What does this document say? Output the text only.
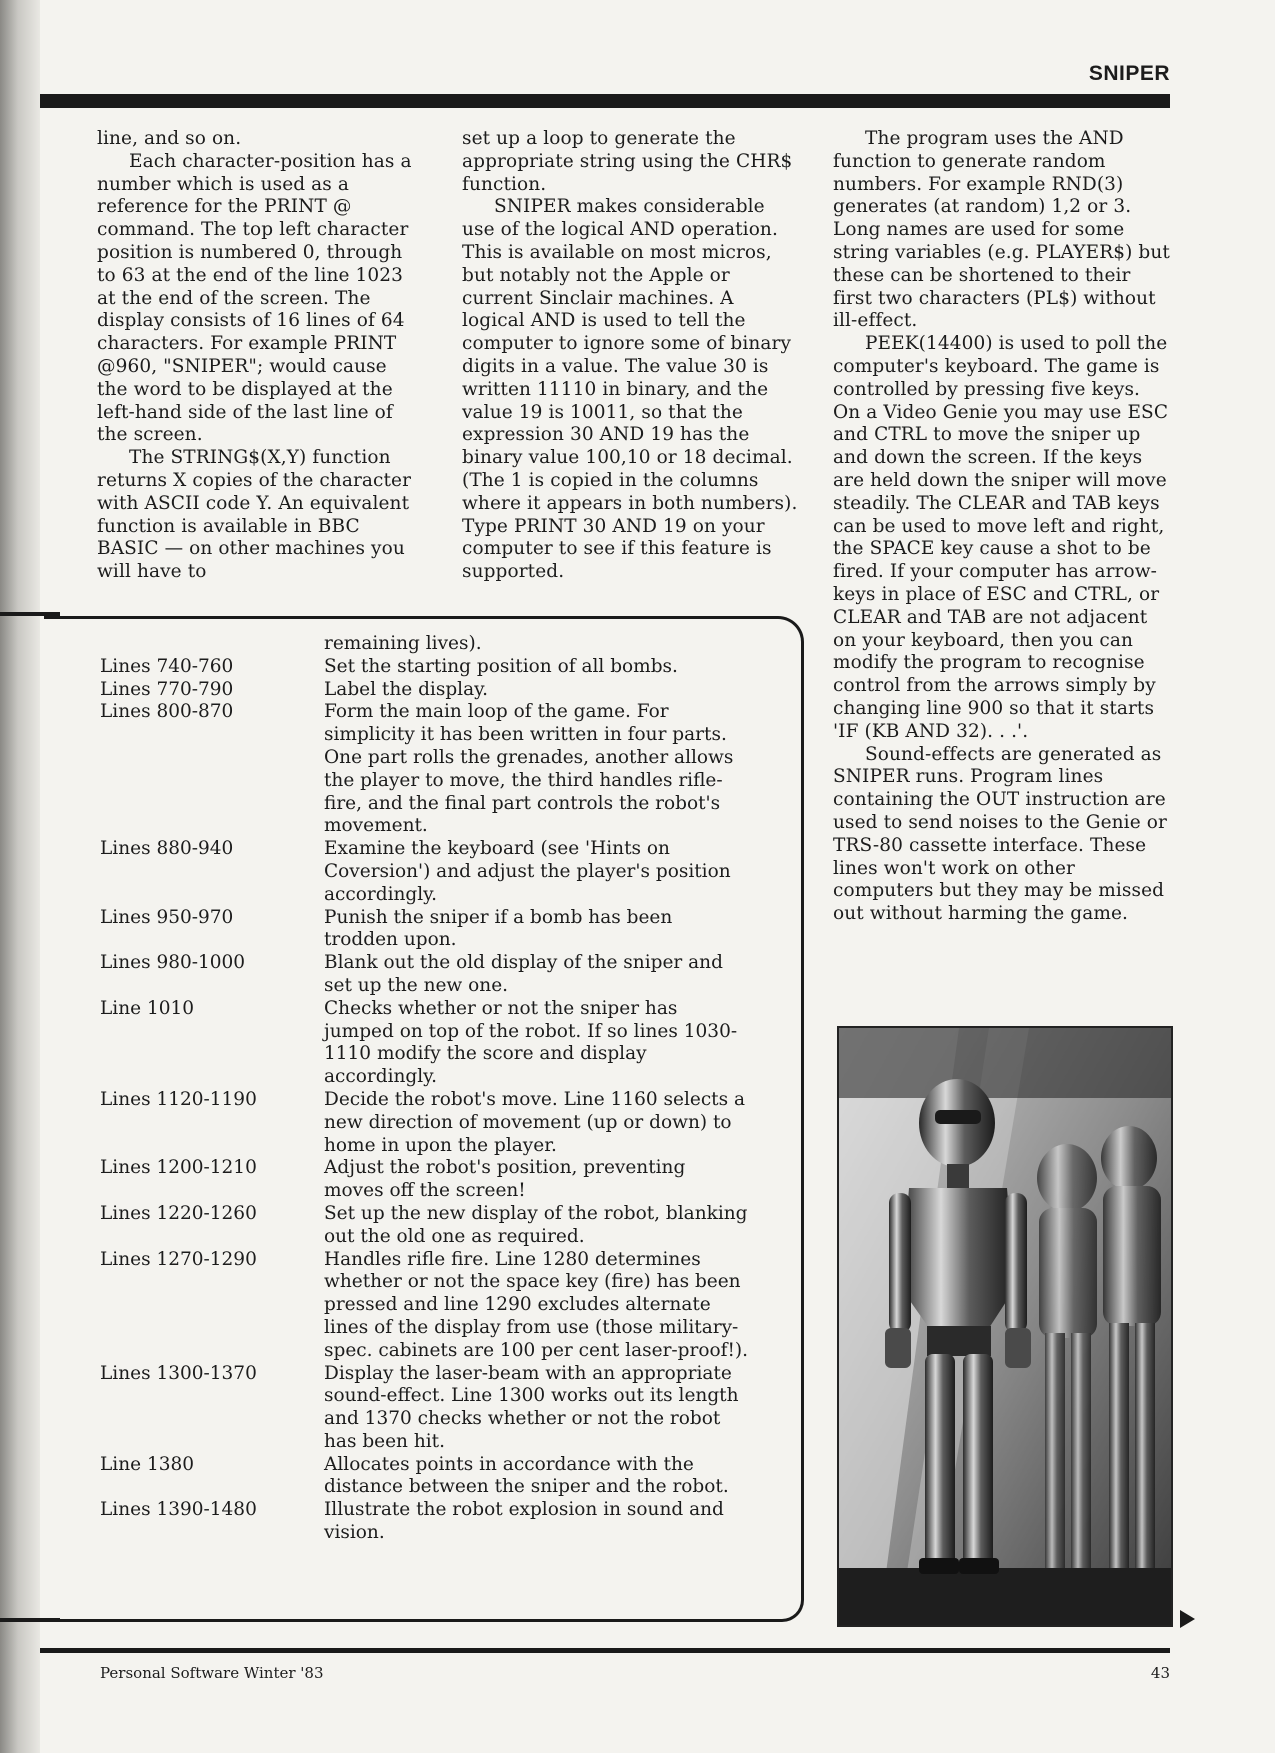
SNIPER

line, and so on.

Each character-position has a number which is used as a reference for the PRINT @ command. The top left character position is numbered 0, through to 63 at the end of the line 1023 at the end of the screen. The display consists of 16 lines of 64 characters. For example PRINT @960, "SNIPER"; would cause the word to be displayed at the left-hand side of the last line of the screen.

The STRING$(X,Y) function returns X copies of the character with ASCII code Y. An equivalent function is available in BBC BASIC — on other machines you will have to

set up a loop to generate the appropriate string using the CHR$ function.

SNIPER makes considerable use of the logical AND operation. This is available on most micros, but notably not the Apple or current Sinclair machines. A logical AND is used to tell the computer to ignore some of binary digits in a value. The value 30 is written 11110 in binary, and the value 19 is 10011, so that the expression 30 AND 19 has the binary value 100,10 or 18 decimal. (The 1 is copied in the columns where it appears in both numbers). Type PRINT 30 AND 19 on your computer to see if this feature is supported.

The program uses the AND function to generate random numbers. For example RND(3) generates (at random) 1,2 or 3. Long names are used for some string variables (e.g. PLAYER$) but these can be shortened to their first two characters (PL$) without ill-effect.

PEEK(14400) is used to poll the computer's keyboard. The game is controlled by pressing five keys. On a Video Genie you may use ESC and CTRL to move the sniper up and down the screen. If the keys are held down the sniper will move steadily. The CLEAR and TAB keys can be used to move left and right, the SPACE key cause a shot to be fired. If your computer has arrow-keys in place of ESC and CTRL, or CLEAR and TAB are not adjacent on your keyboard, then you can modify the program to recognise control from the arrows simply by changing line 900 so that it starts 'IF (KB AND 32). . .'.

Sound-effects are generated as SNIPER runs. Program lines containing the OUT instruction are used to send noises to the Genie or TRS-80 cassette interface. These lines won't work on other computers but they may be missed out without harming the game.

remaining lives).
Lines 740-760	Set the starting position of all bombs.
Lines 770-790	Label the display.
Lines 800-870	Form the main loop of the game. For simplicity it has been written in four parts. One part rolls the grenades, another allows the player to move, the third handles rifle-fire, and the final part controls the robot's movement.
Lines 880-940	Examine the keyboard (see 'Hints on Coversion') and adjust the player's position accordingly.
Lines 950-970	Punish the sniper if a bomb has been trodden upon.
Lines 980-1000	Blank out the old display of the sniper and set up the new one.
Line 1010	Checks whether or not the sniper has jumped on top of the robot. If so lines 1030-1110 modify the score and display accordingly.
Lines 1120-1190	Decide the robot's move. Line 1160 selects a new direction of movement (up or down) to home in upon the player.
Lines 1200-1210	Adjust the robot's position, preventing moves off the screen!
Lines 1220-1260	Set up the new display of the robot, blanking out the old one as required.
Lines 1270-1290	Handles rifle fire. Line 1280 determines whether or not the space key (fire) has been pressed and line 1290 excludes alternate lines of the display from use (those military-spec. cabinets are 100 per cent laser-proof!).
Lines 1300-1370	Display the laser-beam with an appropriate sound-effect. Line 1300 works out its length and 1370 checks whether or not the robot has been hit.
Line 1380	Allocates points in accordance with the distance between the sniper and the robot.
Lines 1390-1480	Illustrate the robot explosion in sound and vision.
Personal Software Winter '83	43
